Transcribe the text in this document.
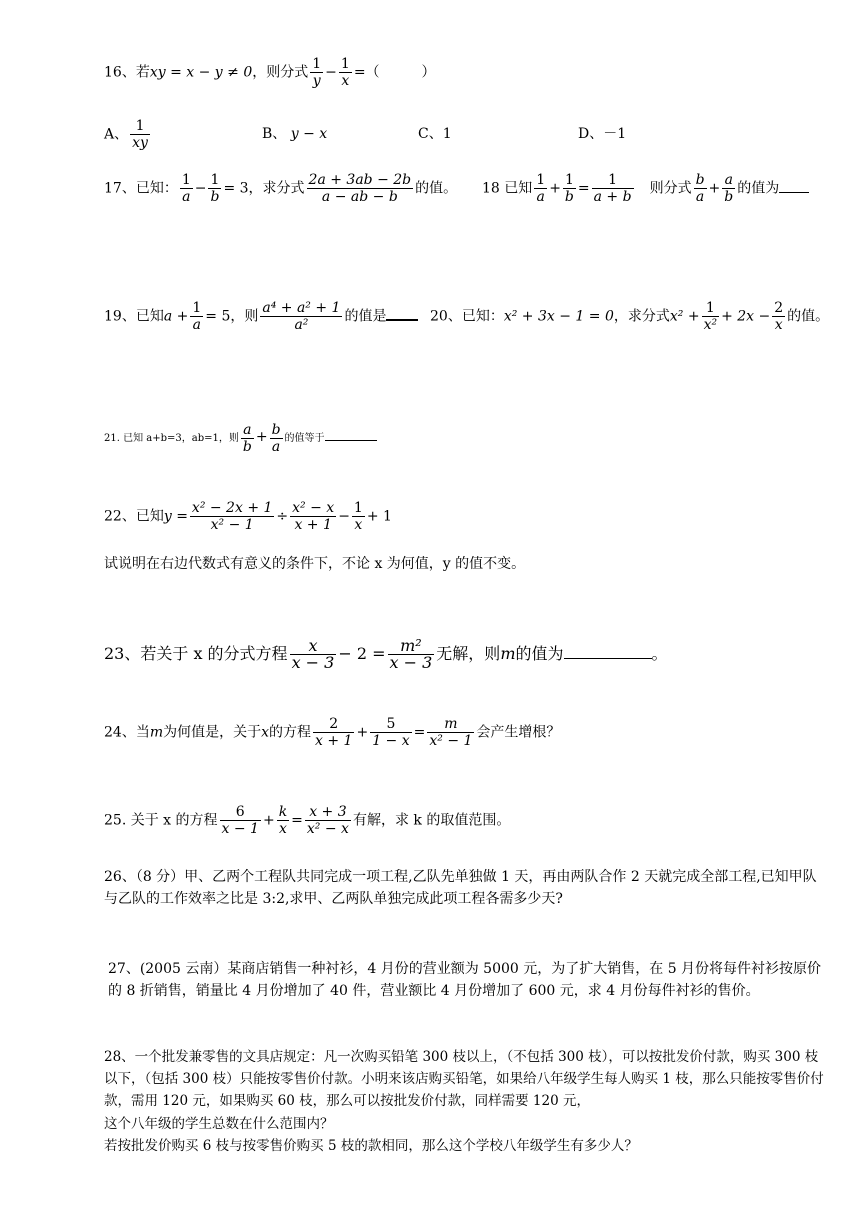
16、若xy = x − y ≠ 0，则分式 $\frac{1}{y} - \frac{1}{x}$ =（　　　）
A、 $\frac{1}{xy}$	B、 y − x	C、1	D、－1
17、已知： $\frac{1}{a} - \frac{1}{b} = 3$，求分式 $\frac{2a + 3ab - 2b}{a - ab - b}$ 的值。 18 已知 $\frac{1}{a} + \frac{1}{b} = \frac{1}{a + b}$ 　则分式 $\frac{b}{a} + \frac{a}{b}$ 的值为
19、已知$a + \frac{1}{a} = 5$，则 $\frac{\text{a⁴ + a² + 1}}{\text{a²}}$ 的值是	20、已知：x² + 3x − 1 = 0，求分式$x^2 + \frac{1}{\text{x²}} + 2x - \frac{2}{x}$ 的值。
21. 已知 a+b=3，ab=1，则 $\frac{a}{b} + \frac{b}{a}$ 的值等于
22、已知$y = \frac{\text{x² − 2x + 1}}{\text{x² − 1}} \div \frac{\text{x² − x}}{x + 1} - \frac{1}{x} + 1$
试说明在右边代数式有意义的条件下，不论 x 为何值，y 的值不变。
23、若关于 x 的分式方程 $\frac{x}{x - 3} - 2 = \frac{\text{m²}}{x - 3}$ 无解，则m的值为	。
24、当m为何值是，关于x的方程 $\frac{2}{x + 1} + \frac{5}{1 - x} = \frac{m}{\text{x² − 1}}$ 会产生增根？
25. 关于 x 的方程 $\frac{6}{x - 1} + \frac{k}{x} = \frac{x + 3}{\text{x² − x}}$ 有解，求 k 的取值范围。
26、（8 分）甲、乙两个工程队共同完成一项工程,乙队先单独做 1 天，再由两队合作 2 天就完成全部工程,已知甲队与乙队的工作效率之比是 3:2,求甲、乙两队单独完成此项工程各需多少天?
27、(2005 云南）某商店销售一种衬衫，4 月份的营业额为 5000 元，为了扩大销售，在 5 月份将每件衬衫按原价的 8 折销售，销量比 4 月份增加了 40 件，营业额比 4 月份增加了 600 元，求 4 月份每件衬衫的售价。
28、一个批发兼零售的文具店规定：凡一次购买铅笔 300 枝以上，（不包括 300 枝），可以按批发价付款，购买 300 枝以下，（包括 300 枝）只能按零售价付款。小明来该店购买铅笔，如果给八年级学生每人购买 1 枝，那么只能按零售价付款，需用 120 元，如果购买 60 枝，那么可以按批发价付款，同样需要 120 元，
这个八年级的学生总数在什么范围内？
若按批发价购买 6 枝与按零售价购买 5 枝的款相同，那么这个学校八年级学生有多少人？
